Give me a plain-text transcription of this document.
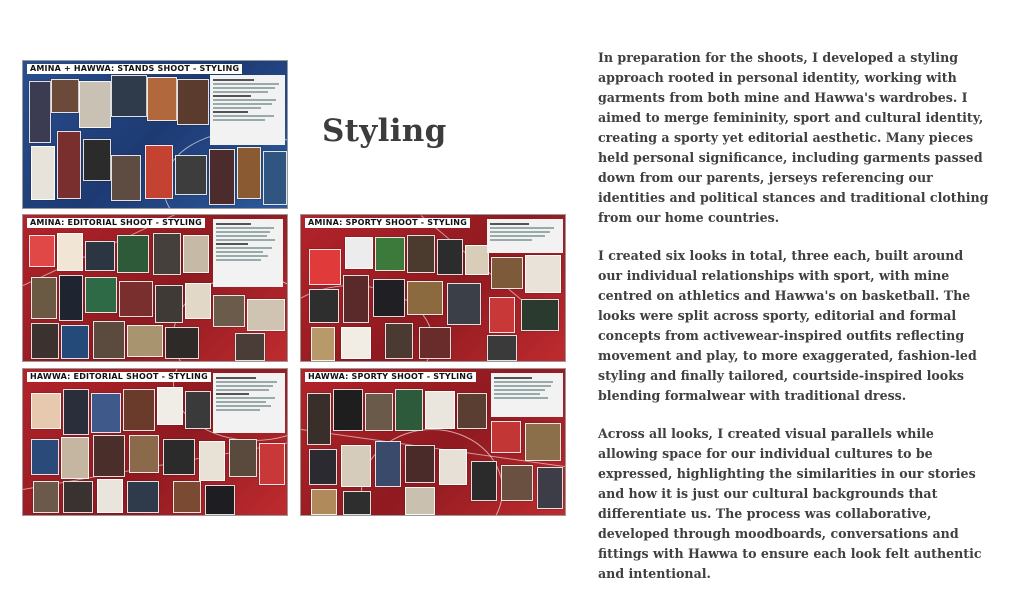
AMINA + HAWWA: STANDS SHOOT - STYLING
AMINA: EDITORIAL SHOOT - STYLING	AMINA: SPORTY SHOOT - STYLING
HAWWA: EDITORIAL SHOOT - STYLING	HAWWA: SPORTY SHOOT - STYLING
Styling

In preparation for the shoots, I developed a styling approach rooted in personal identity, working with garments from both mine and Hawwa's wardrobes. I aimed to merge femininity, sport and cultural identity, creating a sporty yet editorial aesthetic. Many pieces held personal significance, including garments passed down from our parents, jerseys referencing our identities and political stances and traditional clothing from our home countries.

I created six looks in total, three each, built around our individual relationships with sport, with mine centred on athletics and Hawwa's on basketball. The looks were split across sporty, editorial and formal concepts from activewear-inspired outfits reflecting movement and play, to more exaggerated, fashion-led styling and finally tailored, courtside-inspired looks blending formalwear with traditional dress.

Across all looks, I created visual parallels while allowing space for our individual cultures to be expressed, highlighting the similarities in our stories and how it is just our cultural backgrounds that differentiate us. The process was collaborative, developed through moodboards, conversations and fittings with Hawwa to ensure each look felt authentic and intentional.
